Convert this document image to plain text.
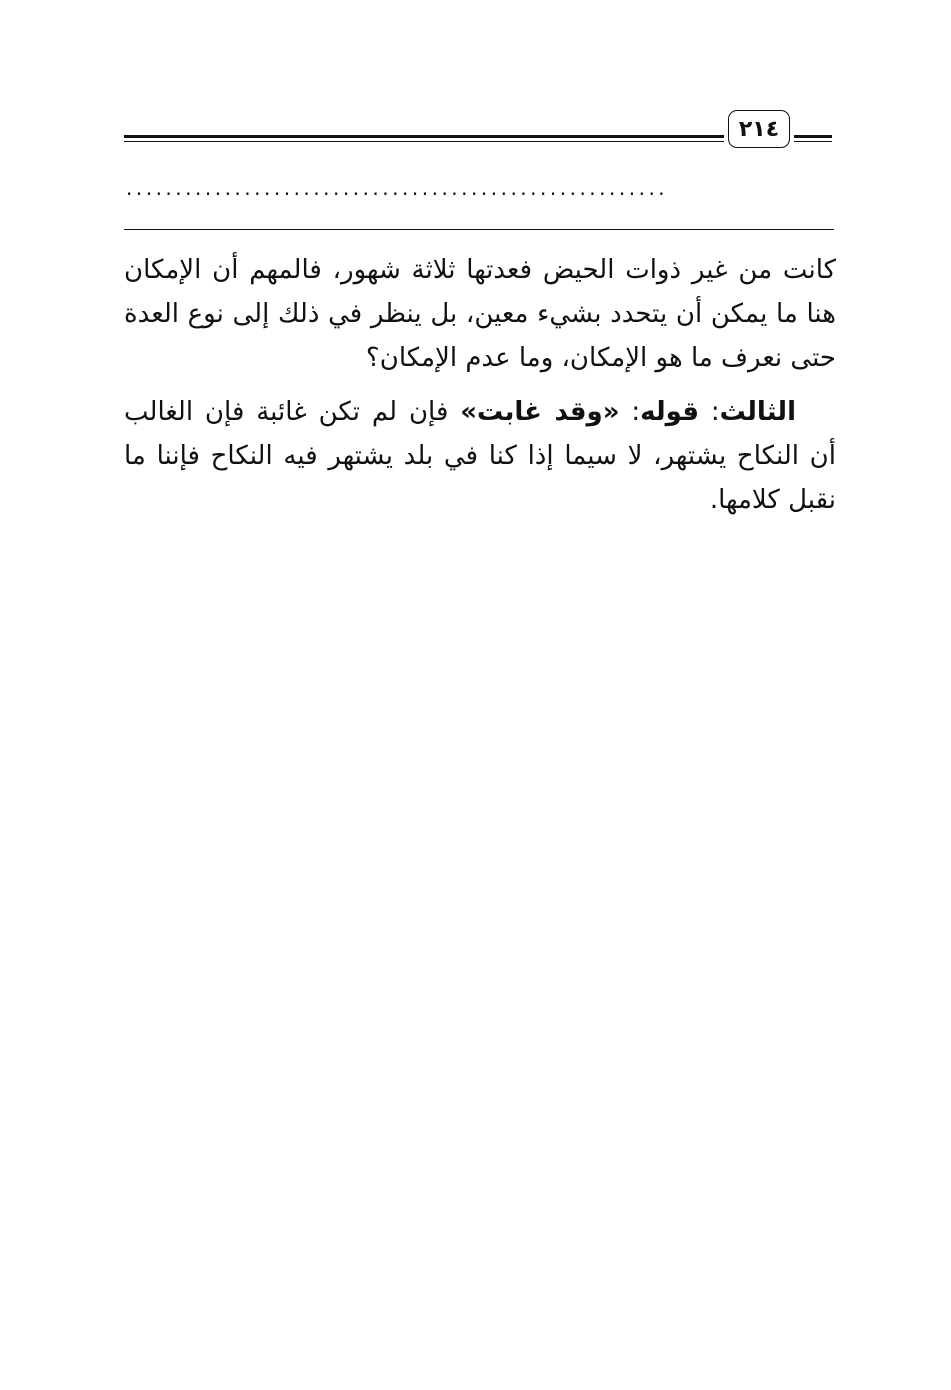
٢١٤
.......................................................

كانت من غير ذوات الحيض فعدتها ثلاثة شهور، فالمهم أن الإمكان هنا ما يمكن أن يتحدد بشيء معين، بل ينظر في ذلك إلى نوع العدة حتى نعرف ما هو الإمكان، وما عدم الإمكان؟

الثالث: قوله: «وقد غابت» فإن لم تكن غائبة فإن الغالب أن النكاح يشتهر، لا سيما إذا كنا في بلد يشتهر فيه النكاح فإننا ما نقبل كلامها.
